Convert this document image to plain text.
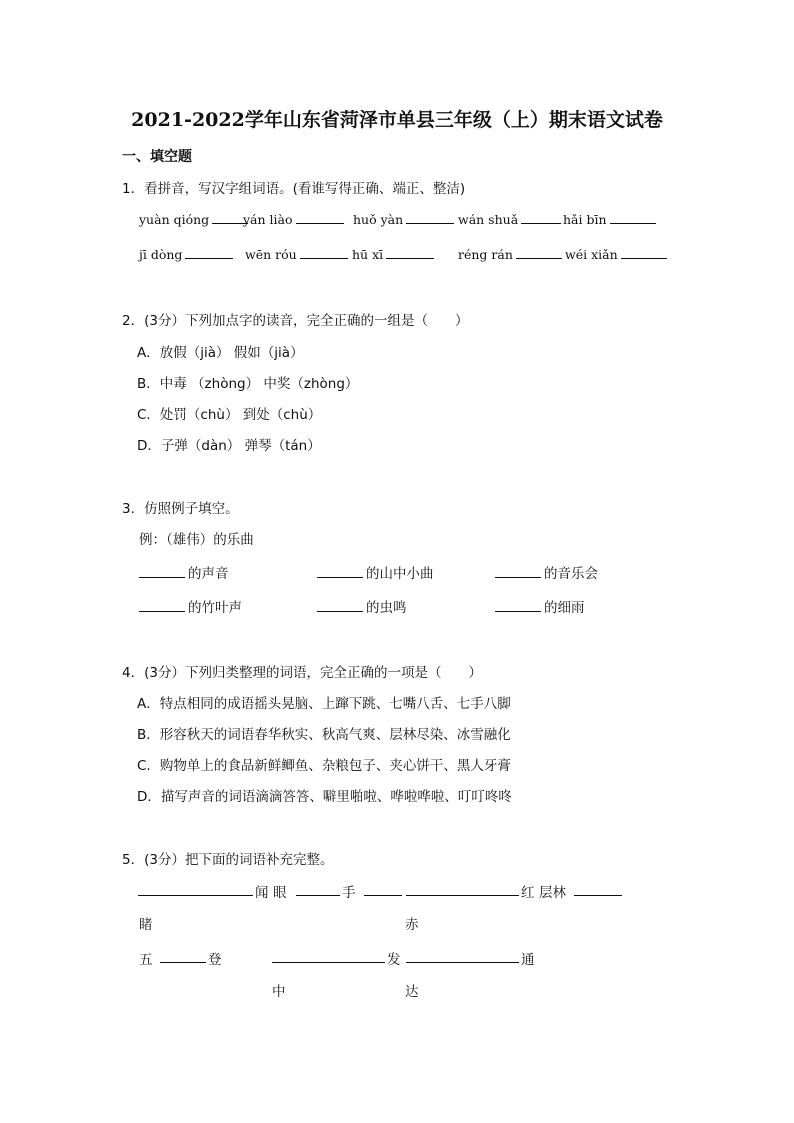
2021-2022学年山东省菏泽市单县三年级（上）期末语文试卷
一、填空题
1．看拼音，写汉字组词语。(看谁写得正确、端正、整洁)
yuàn qióng	yán liào	huǒ yàn	wán shuǎ	hǎi bīn
jī dòng	wēn róu	hū xī	réng rán	wéi xiǎn
2．(3分）下列加点字的读音，完全正确的一组是（　　）
A．放假（jià） 假如（jià）
B．中毒 （zhòng） 中奖（zhòng）
C．处罚（chù） 到处（chù）
D．子弹（dàn） 弹琴（tán）
3．仿照例子填空。
例：（雄伟）的乐曲
的声音	的山中小曲	的音乐会
的竹叶声	的虫鸣	的细雨
4．(3分）下列归类整理的词语，完全正确的一项是（　　）
A．特点相同的成语摇头晃脑、上蹿下跳、七嘴八舌、七手八脚
B．形容秋天的词语春华秋实、秋高气爽、层林尽染、冰雪融化
C．购物单上的食品新鲜鲫鱼、杂粮包子、夹心饼干、黑人牙膏
D．描写声音的词语滴滴答答、噼里啪啦、哗啦哗啦、叮叮咚咚
5．(3分）把下面的词语补充完整。
闻 眼	手	红 层林
睹	赤
五	登	发	通
中	达
